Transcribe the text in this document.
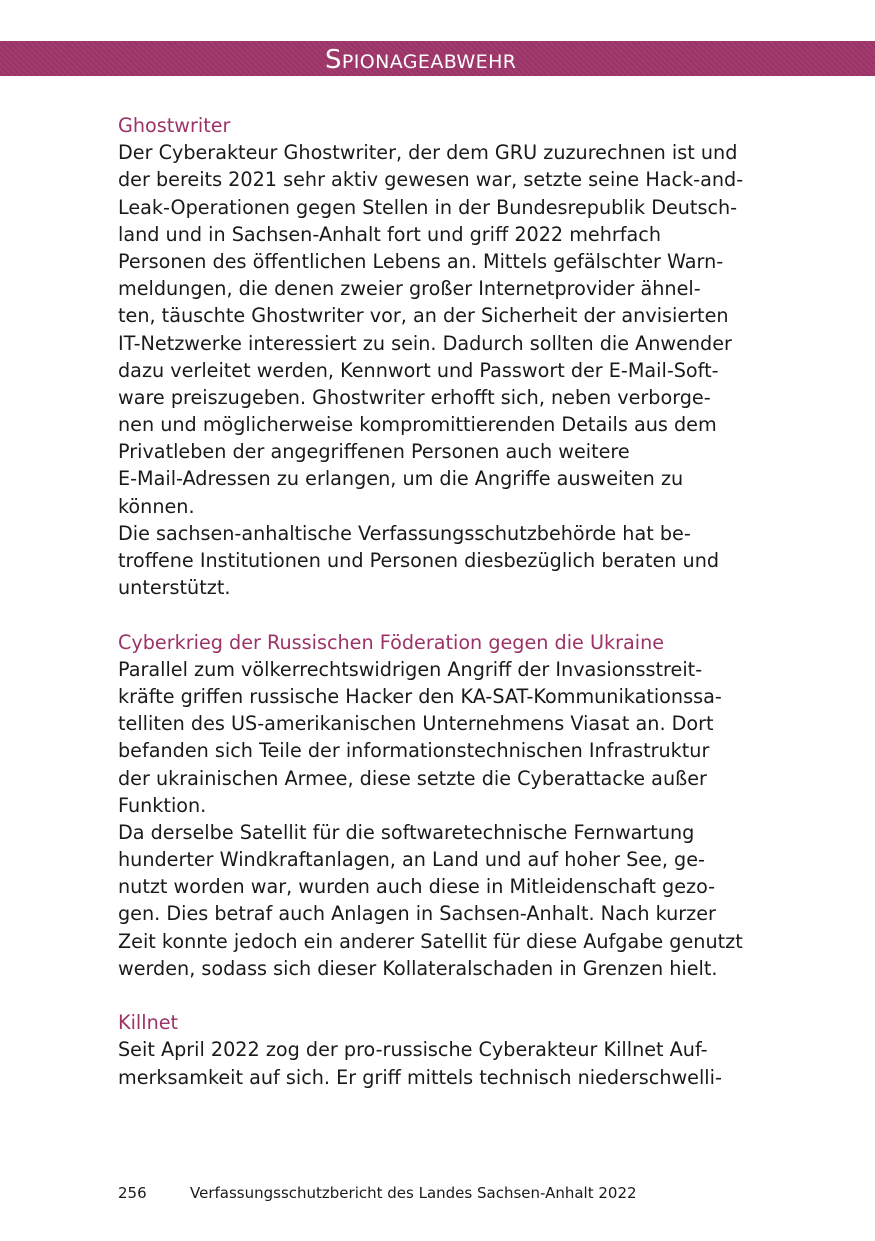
SPIONAGEABWEHR
Ghostwriter
Der Cyberakteur Ghostwriter, der dem GRU zuzurechnen ist und
der bereits 2021 sehr aktiv gewesen war, setzte seine Hack-and-
Leak-Operationen gegen Stellen in der Bundesrepublik Deutsch-
land und in Sachsen-Anhalt fort und griff 2022 mehrfach
Personen des öffentlichen Lebens an. Mittels gefälschter Warn-
meldungen, die denen zweier großer Internetprovider ähnel-
ten, täuschte Ghostwriter vor, an der Sicherheit der anvisierten
IT-Netzwerke interessiert zu sein. Dadurch sollten die Anwender
dazu verleitet werden, Kennwort und Passwort der E-Mail-Soft-
ware preiszugeben. Ghostwriter erhofft sich, neben verborge-
nen und möglicherweise kompromittierenden Details aus dem
Privatleben der angegriffenen Personen auch weitere
E-Mail-Adressen zu erlangen, um die Angriffe ausweiten zu
können.
Die sachsen-anhaltische Verfassungsschutzbehörde hat be-
troffene Institutionen und Personen diesbezüglich beraten und
unterstützt.
Cyberkrieg der Russischen Föderation gegen die Ukraine
Parallel zum völkerrechtswidrigen Angriff der Invasionsstreit-
kräfte griffen russische Hacker den KA-SAT-Kommunikationssa-
telliten des US-amerikanischen Unternehmens Viasat an. Dort
befanden sich Teile der informationstechnischen Infrastruktur
der ukrainischen Armee, diese setzte die Cyberattacke außer
Funktion.
Da derselbe Satellit für die softwaretechnische Fernwartung
hunderter Windkraftanlagen, an Land und auf hoher See, ge-
nutzt worden war, wurden auch diese in Mitleidenschaft gezo-
gen. Dies betraf auch Anlagen in Sachsen-Anhalt. Nach kurzer
Zeit konnte jedoch ein anderer Satellit für diese Aufgabe genutzt
werden, sodass sich dieser Kollateralschaden in Grenzen hielt.
Killnet
Seit April 2022 zog der pro-russische Cyberakteur Killnet Auf-
merksamkeit auf sich. Er griff mittels technisch niederschwelli-
256	Verfassungsschutzbericht des Landes Sachsen-Anhalt 2022
